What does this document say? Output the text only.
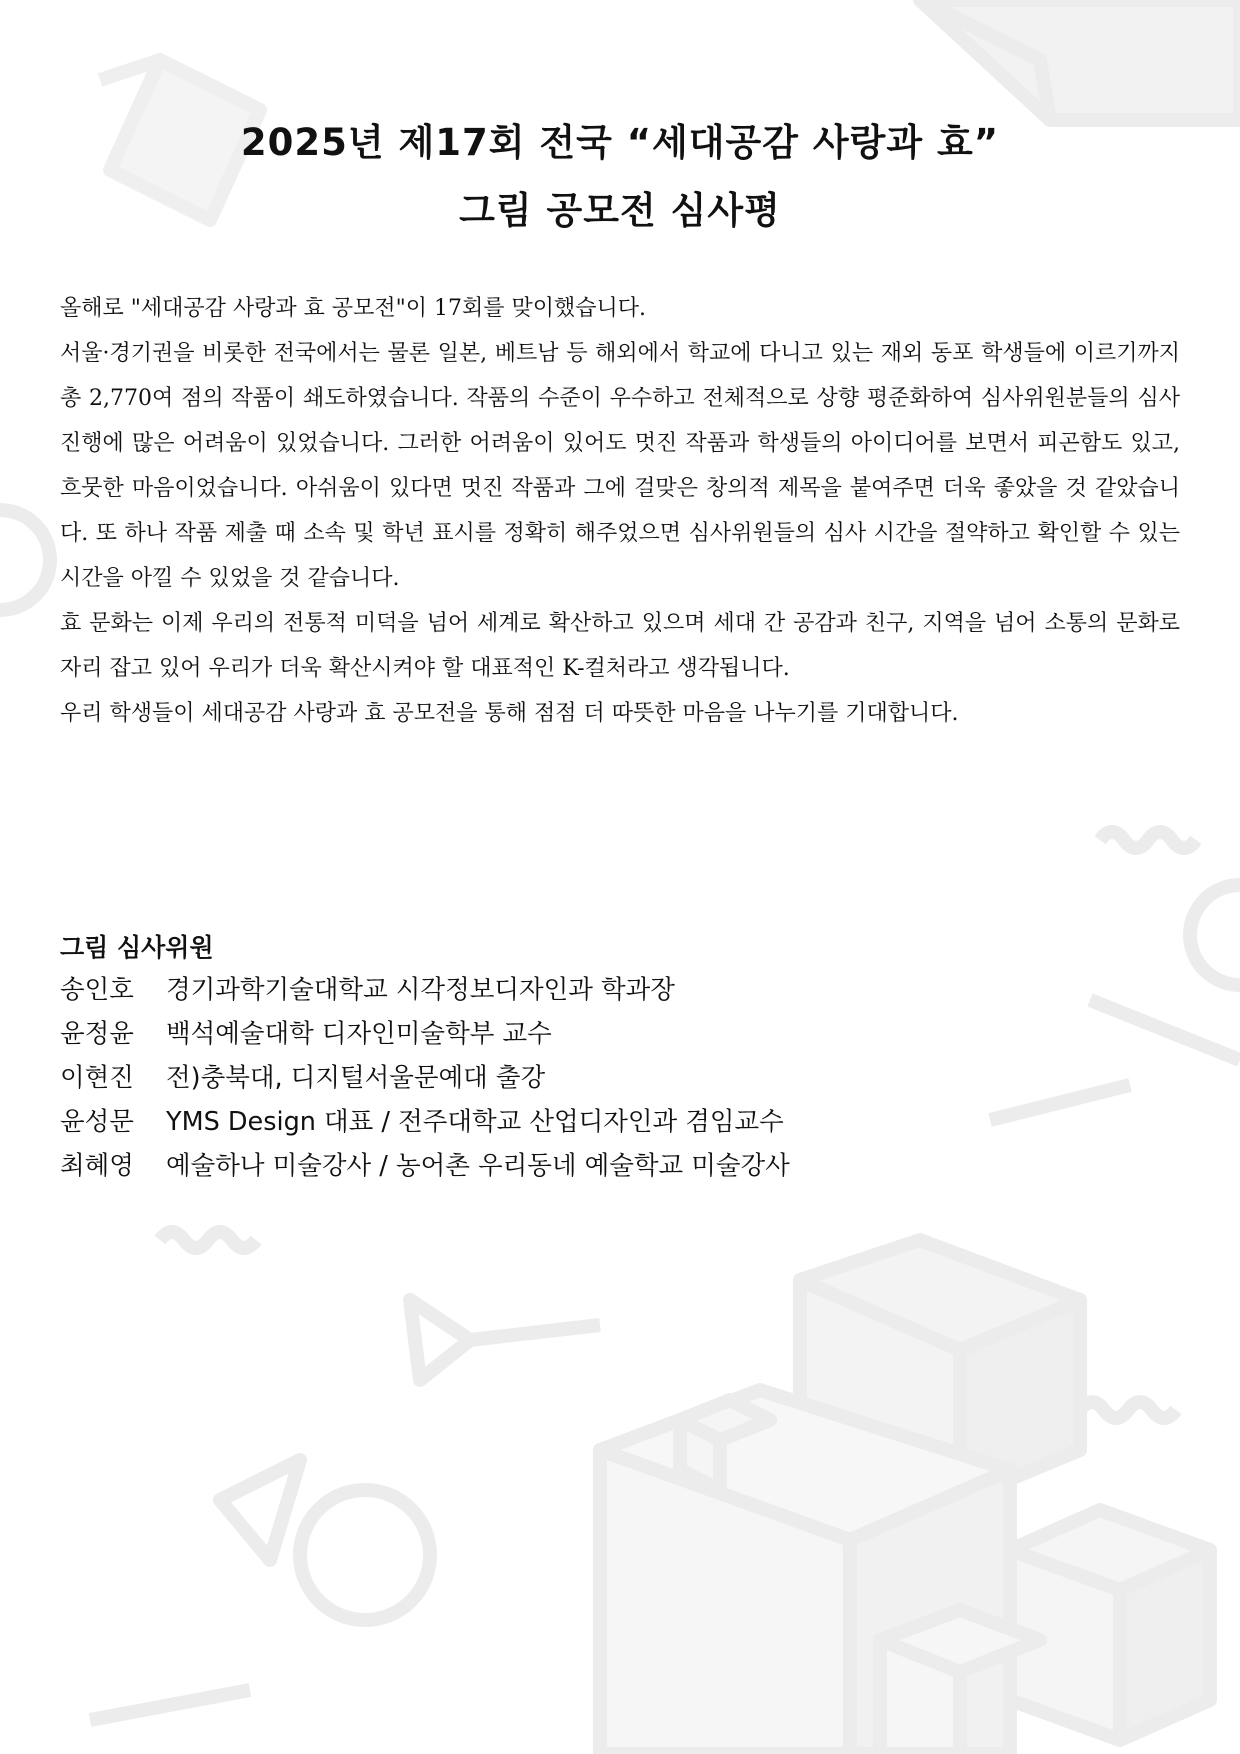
2025년 제17회 전국 “세대공감 사랑과 효”
그림 공모전 심사평

올해로 "세대공감 사랑과 효 공모전"이 17회를 맞이했습니다.

서울·경기권을 비롯한 전국에서는 물론 일본, 베트남 등 해외에서 학교에 다니고 있는 재외 동포 학생들에 이르기까지 총 2,770여 점의 작품이 쇄도하였습니다. 작품의 수준이 우수하고 전체적으로 상향 평준화하여 심사위원분들의 심사 진행에 많은 어려움이 있었습니다. 그러한 어려움이 있어도 멋진 작품과 학생들의 아이디어를 보면서 피곤함도 있고, 흐뭇한 마음이었습니다. 아쉬움이 있다면 멋진 작품과 그에 걸맞은 창의적 제목을 붙여주면 더욱 좋았을 것 같았습니다. 또 하나 작품 제출 때 소속 및 학년 표시를 정확히 해주었으면 심사위원들의 심사 시간을 절약하고 확인할 수 있는 시간을 아낄 수 있었을 것 같습니다.

효 문화는 이제 우리의 전통적 미덕을 넘어 세계로 확산하고 있으며 세대 간 공감과 친구, 지역을 넘어 소통의 문화로 자리 잡고 있어 우리가 더욱 확산시켜야 할 대표적인 K-컬처라고 생각됩니다.

우리 학생들이 세대공감 사랑과 효 공모전을 통해 점점 더 따뜻한 마음을 나누기를 기대합니다.

그림 심사위원

송인호	경기과학기술대학교 시각정보디자인과 학과장
윤정윤	백석예술대학 디자인미술학부 교수
이현진	전)충북대, 디지털서울문예대 출강
윤성문	YMS Design 대표 / 전주대학교 산업디자인과 겸임교수
최혜영	예술하나 미술강사 / 농어촌 우리동네 예술학교 미술강사
